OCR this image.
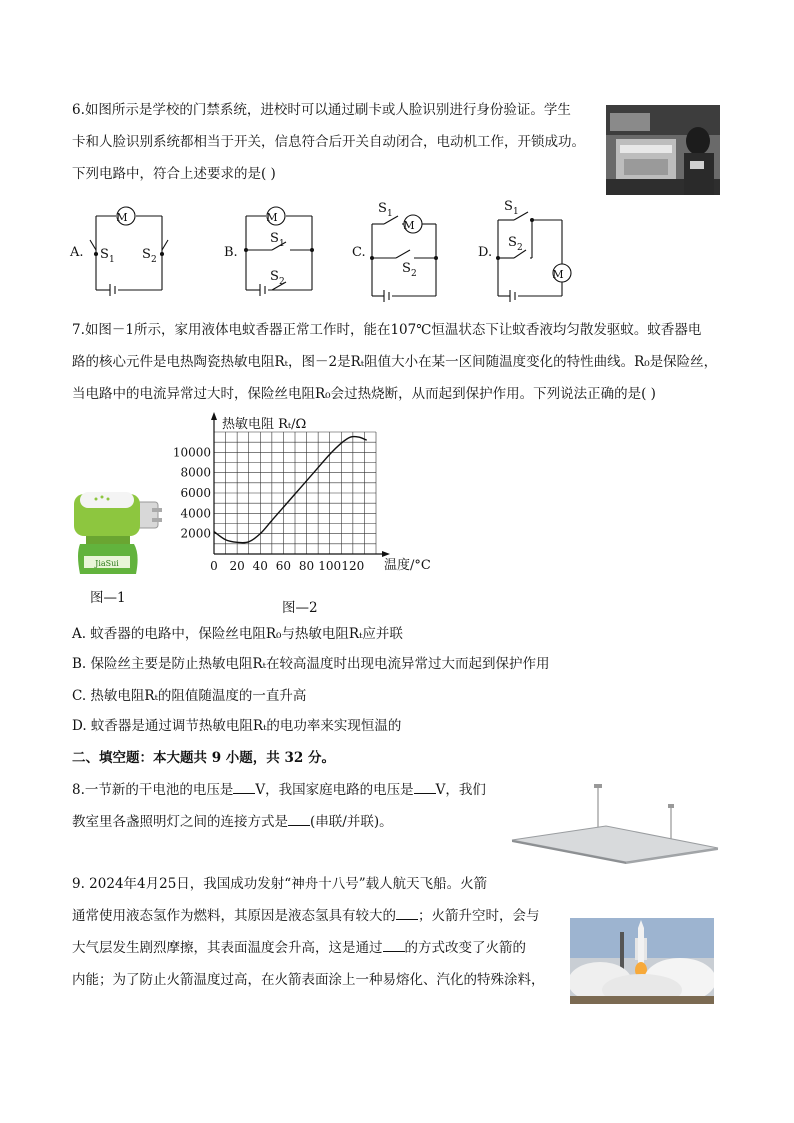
6.如图所示是学校的门禁系统，进校时可以通过刷卡或人脸识别进行身份验证。学生
卡和人脸识别系统都相当于开关，信息符合后开关自动闭合，电动机工作，开锁成功。
下列电路中，符合上述要求的是( )
A.
M
S 1 S 2	B.
M
S 1
S 2
C.
M
S 1
S 2
D.
M
S 1
S 2
7.如图－1所示，家用液体电蚊香器正常工作时，能在107℃恒温状态下让蚊香液均匀散发驱蚊。蚊香器电
路的核心元件是电热陶瓷热敏电阻Rₜ，图－2是Rₜ阻值大小在某一区间随温度变化的特性曲线。R₀是保险丝，
当电路中的电流异常过大时，保险丝电阻R₀会过热烧断，从而起到保护作用。下列说法正确的是( )
JiaSui
图—1
0 20 40 60 80 100 120
2000
4000
6000
8000
10000
热敏电阻 Rₜ/Ω
温度/°C
图—2
A. 蚊香器的电路中，保险丝电阻R₀与热敏电阻Rₜ应并联
B. 保险丝主要是防止热敏电阻Rₜ在较高温度时出现电流异常过大而起到保护作用
C. 热敏电阻Rₜ的阻值随温度的一直升高
D. 蚊香器是通过调节热敏电阻Rₜ的电功率来实现恒温的
二、填空题：本大题共 9 小题，共 32 分。
8.一节新的干电池的电压是 V，我国家庭电路的电压是 V，我们
教室里各盏照明灯之间的连接方式是 (串联/并联)。
9. 2024年4月25日，我国成功发射“神舟十八号”载人航天飞船。火箭
通常使用液态氢作为燃料，其原因是液态氢具有较大的 ；火箭升空时，会与
大气层发生剧烈摩擦，其表面温度会升高，这是通过 的方式改变了火箭的
内能；为了防止火箭温度过高，在火箭表面涂上一种易熔化、汽化的特殊涂料，
